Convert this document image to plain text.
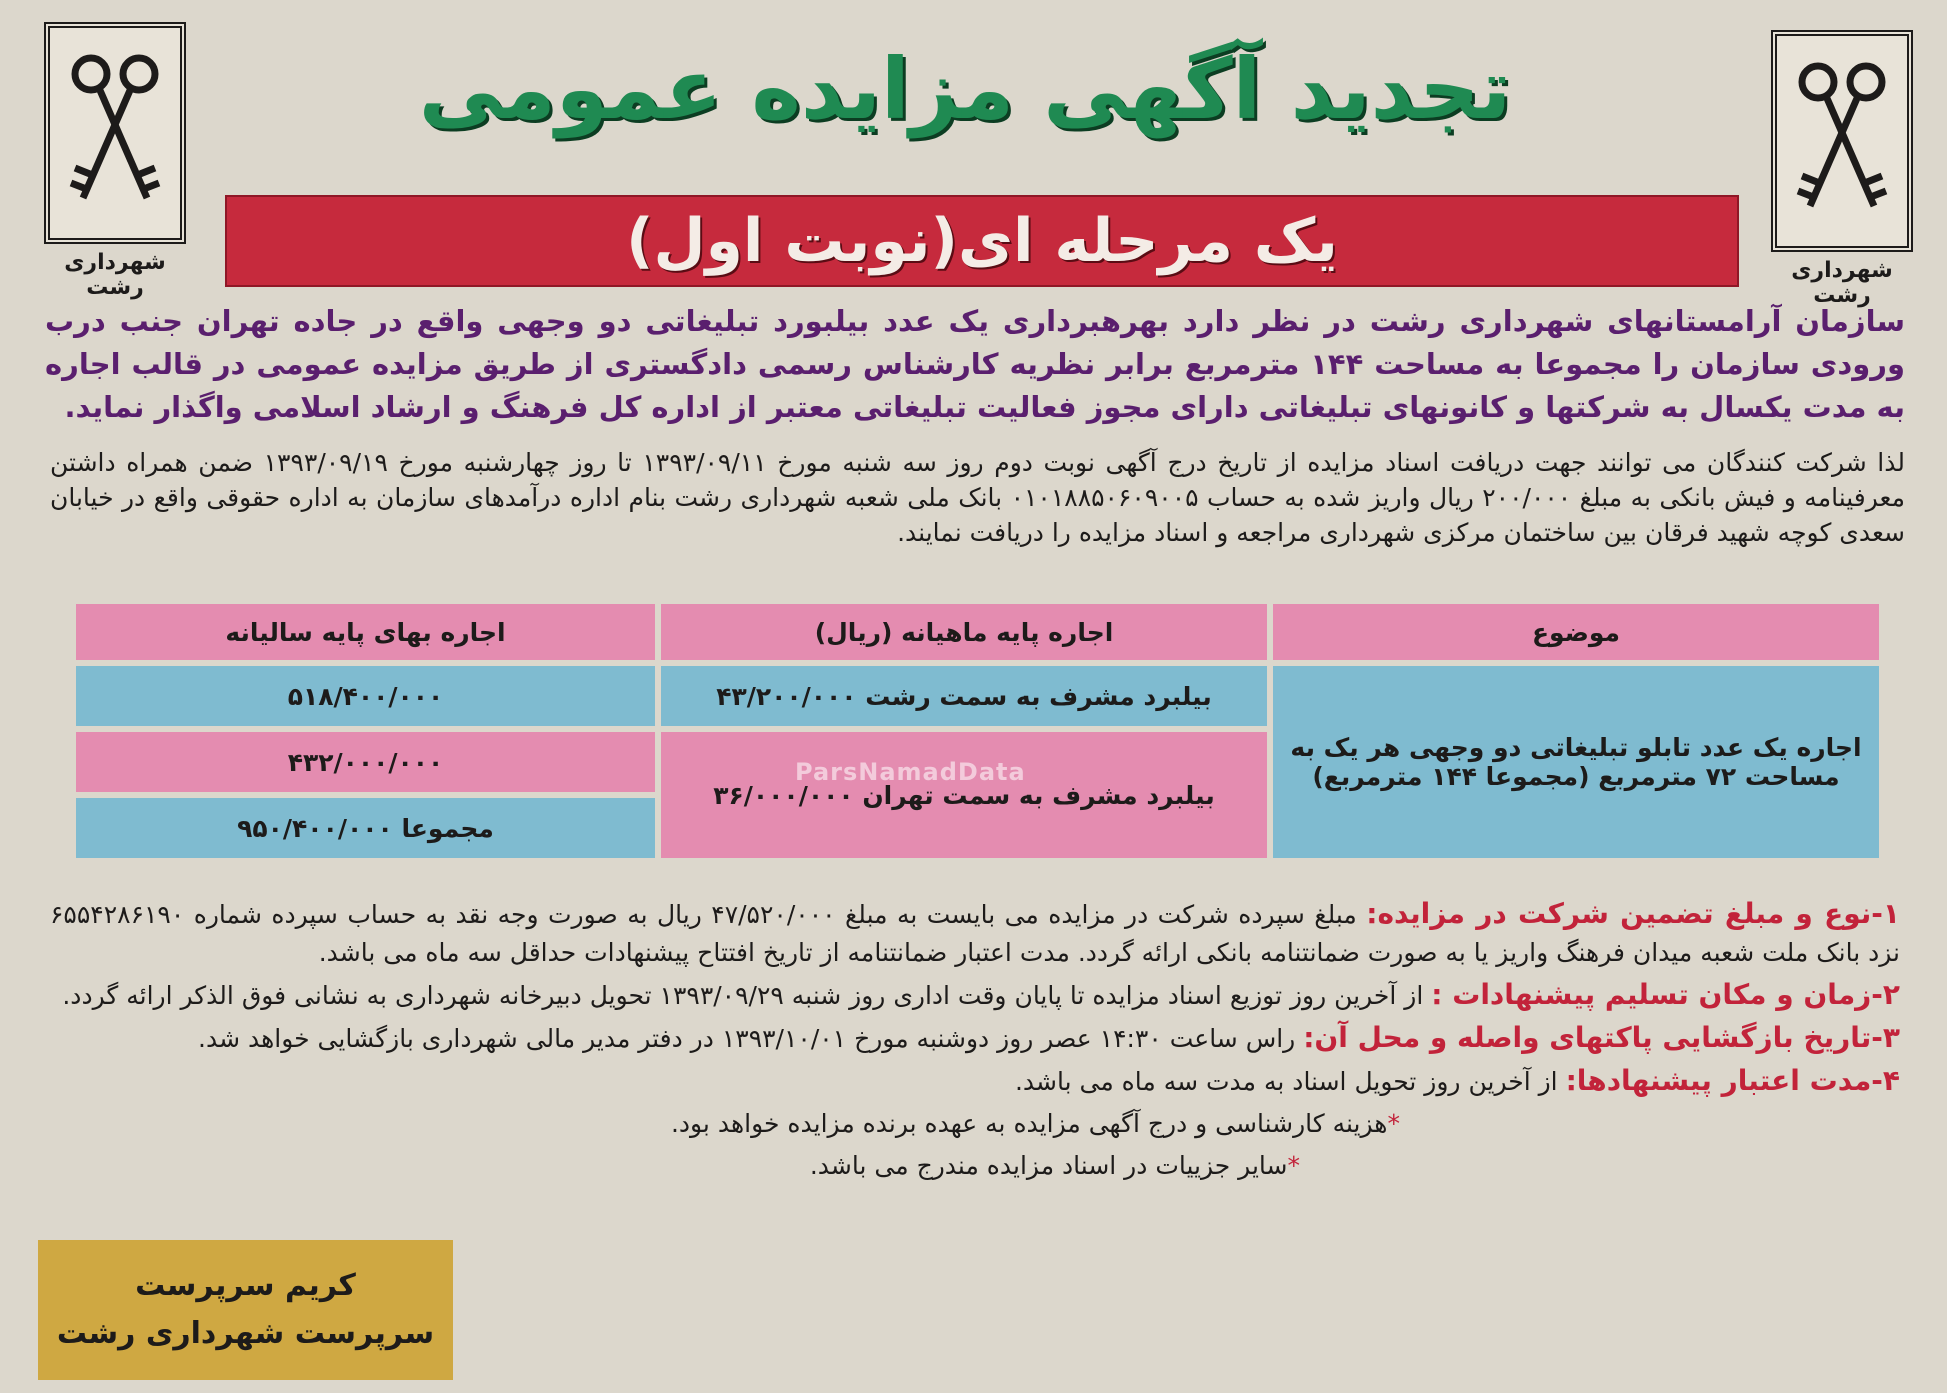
شهرداری رشت
شهرداری رشت
تجدید آگهی مزایده عمومی
یک مرحله ای(نوبت اول)

سازمان آرامستانهای شهرداری رشت در نظر دارد بهرهبرداری یک عدد بیلبورد تبلیغاتی دو وجهی واقع در جاده تهران جنب درب ورودی سازمان را مجموعا به مساحت ۱۴۴ مترمربع برابر نظریه کارشناس رسمی دادگستری از طریق مزایده عمومی در قالب اجاره به مدت یکسال به شرکتها و کانونهای تبلیغاتی دارای مجوز فعالیت تبلیغاتی معتبر از اداره کل فرهنگ و ارشاد اسلامی واگذار نماید.

لذا شرکت کنندگان می توانند جهت دریافت اسناد مزایده از تاریخ درج آگهی نوبت دوم روز سه شنبه مورخ ۱۳۹۳/۰۹/۱۱ تا روز چهارشنبه مورخ ۱۳۹۳/۰۹/۱۹ ضمن همراه داشتن معرفینامه و فیش بانکی به مبلغ ۲۰۰/۰۰۰ ریال واریز شده به حساب ۰۱۰۱۸۸۵۰۶۰۹۰۰۵ بانک ملی شعبه شهرداری رشت بنام اداره درآمدهای سازمان به اداره حقوقی واقع در خیابان سعدی کوچه شهید فرقان بین ساختمان مرکزی شهرداری مراجعه و اسناد مزایده را دریافت نمایند.

موضوع	اجاره پایه ماهیانه (ریال)	اجاره بهای پایه سالیانه
اجاره یک عدد تابلو تبلیغاتی دو وجهی هر یک به مساحت ۷۲ مترمربع (مجموعا ۱۴۴ مترمربع)	بیلبرد مشرف به سمت رشت ۴۳/۲۰۰/۰۰۰	۵۱۸/۴۰۰/۰۰۰
	بیلبرد مشرف به سمت تهران ۳۶/۰۰۰/۰۰۰	۴۳۲/۰۰۰/۰۰۰
		مجموعا ۹۵۰/۴۰۰/۰۰۰
ParsNamadData

۱-نوع و مبلغ تضمین شرکت در مزایده: مبلغ سپرده شرکت در مزایده می بایست به مبلغ ۴۷/۵۲۰/۰۰۰ ریال به صورت وجه نقد به حساب سپرده شماره ۶۵۵۴۲۸۶۱۹۰ نزد بانک ملت شعبه میدان فرهنگ واریز یا به صورت ضمانتنامه بانکی ارائه گردد. مدت اعتبار ضمانتنامه از تاریخ افتتاح پیشنهادات حداقل سه ماه می باشد.

۲-زمان و مکان تسلیم پیشنهادات : از آخرین روز توزیع اسناد مزایده تا پایان وقت اداری روز شنبه ۱۳۹۳/۰۹/۲۹ تحویل دبیرخانه شهرداری به نشانی فوق الذکر ارائه گردد.

۳-تاریخ بازگشایی پاکتهای واصله و محل آن: راس ساعت ۱۴:۳۰ عصر روز دوشنبه مورخ ۱۳۹۳/۱۰/۰۱ در دفتر مدیر مالی شهرداری بازگشایی خواهد شد.

۴-مدت اعتبار پیشنهادها: از آخرین روز تحویل اسناد به مدت سه ماه می باشد.

*هزینه کارشناسی و درج آگهی مزایده به عهده برنده مزایده خواهد بود.

*سایر جزییات در اسناد مزایده مندرج می باشد.

کریم سرپرست
سرپرست شهرداری رشت
